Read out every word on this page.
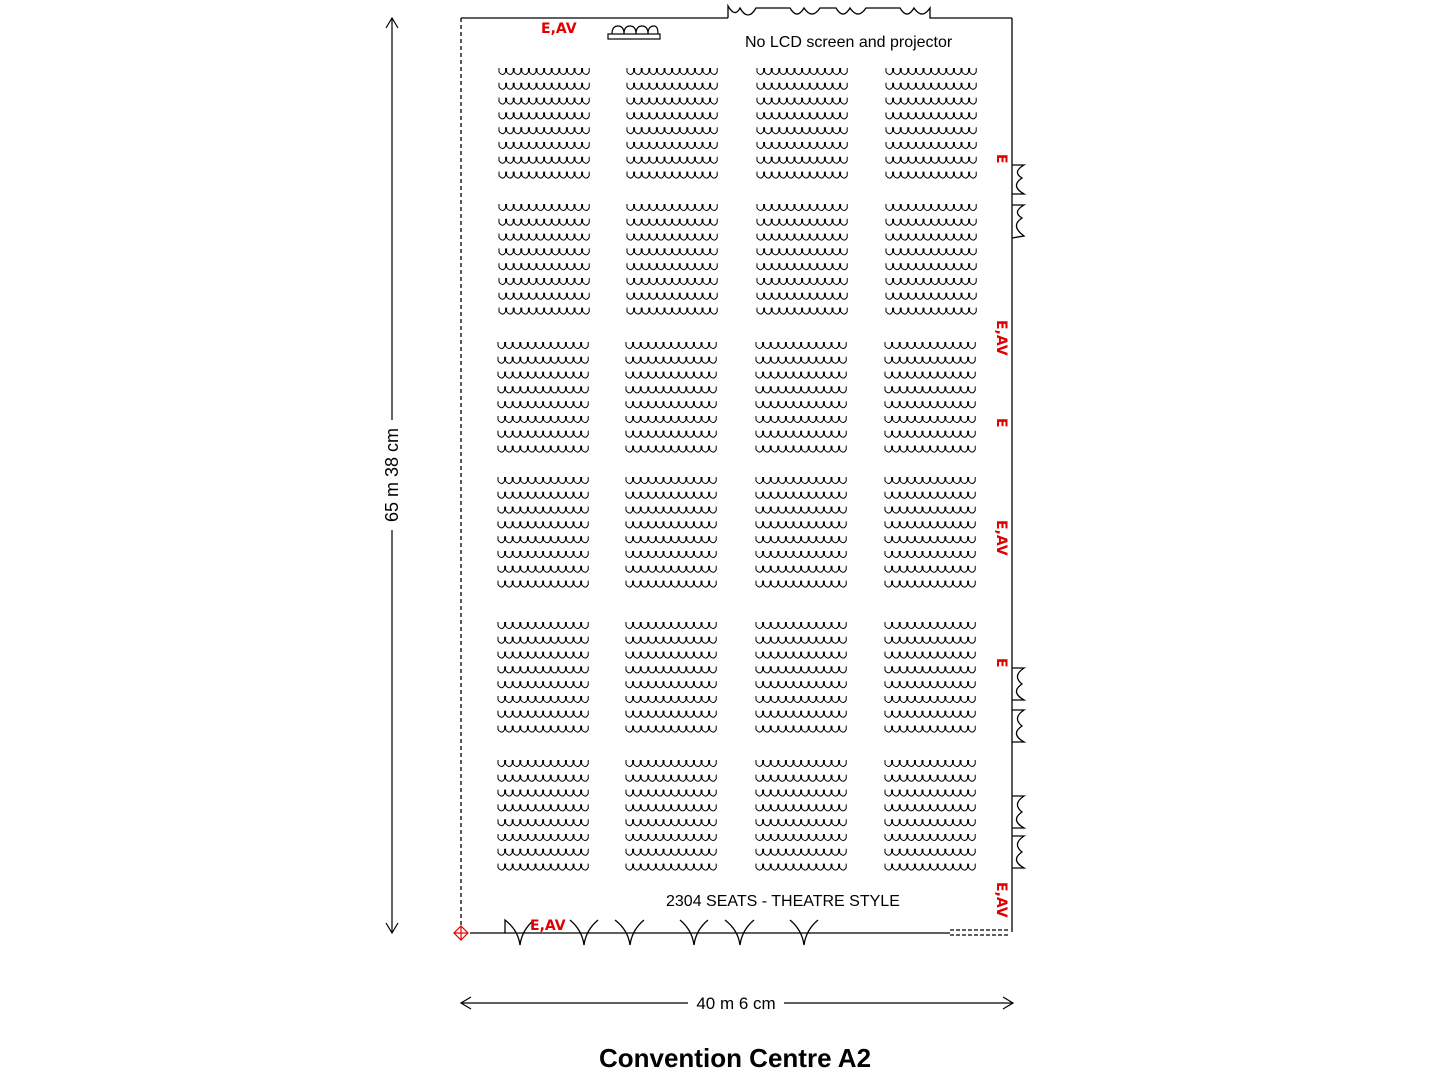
65 m 38 cm
40 m 6 cm
No LCD screen and projector
2304 SEATS - THEATRE STYLE
Convention Centre A2
E,AV
E,AV
E
E,AV
E
E,AV
E
E,AV
